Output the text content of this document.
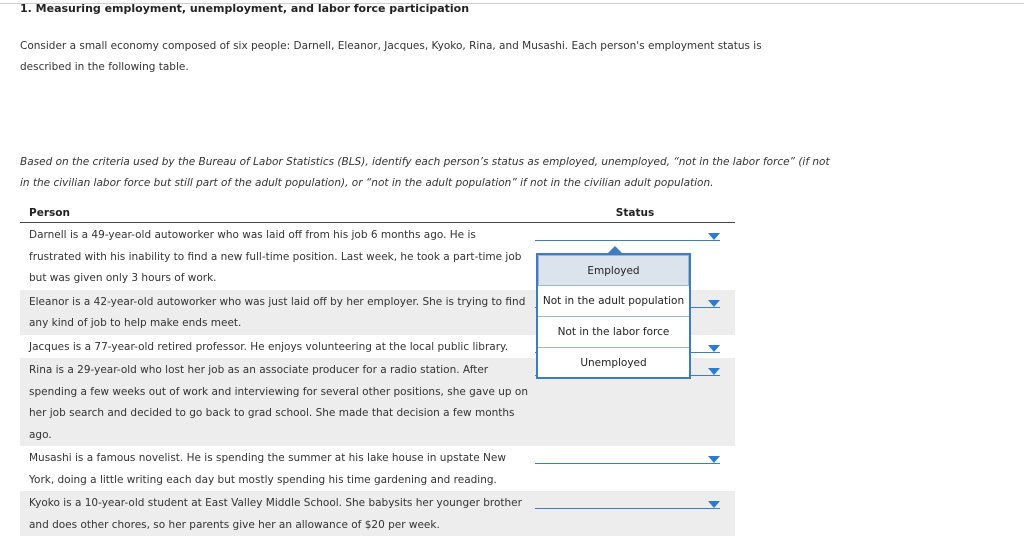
1. Measuring employment, unemployment, and labor force participation
Consider a small economy composed of six people: Darnell, Eleanor, Jacques, Kyoko, Rina, and Musashi. Each person's employment status is described in the following table.
Based on the criteria used by the Bureau of Labor Statistics (BLS), identify each person’s status as employed, unemployed, “not in the labor force” (if not in the civilian labor force but still part of the adult population), or “not in the adult population” if not in the civilian adult population.
Person	Status
Darnell is a 49-year-old autoworker who was laid off from his job 6 months ago. He is frustrated with his inability to find a new full-time position. Last week, he took a part-time job but was given only 3 hours of work.	

Eleanor is a 42-year-old autoworker who was just laid off by her employer. She is trying to find any kind of job to help make ends meet.	

Jacques is a 77-year-old retired professor. He enjoys volunteering at the local public library.	

Rina is a 29-year-old who lost her job as an associate producer for a radio station. After spending a few weeks out of work and interviewing for several other positions, she gave up on her job search and decided to go back to grad school. She made that decision a few months ago.	

Musashi is a famous novelist. He is spending the summer at his lake house in upstate New York, doing a little writing each day but mostly spending his time gardening and reading.	

Kyoko is a 10-year-old student at East Valley Middle School. She babysits her younger brother and does other chores, so her parents give her an allowance of $20 per week.	
Employed
Not in the adult population
Not in the labor force
Unemployed
